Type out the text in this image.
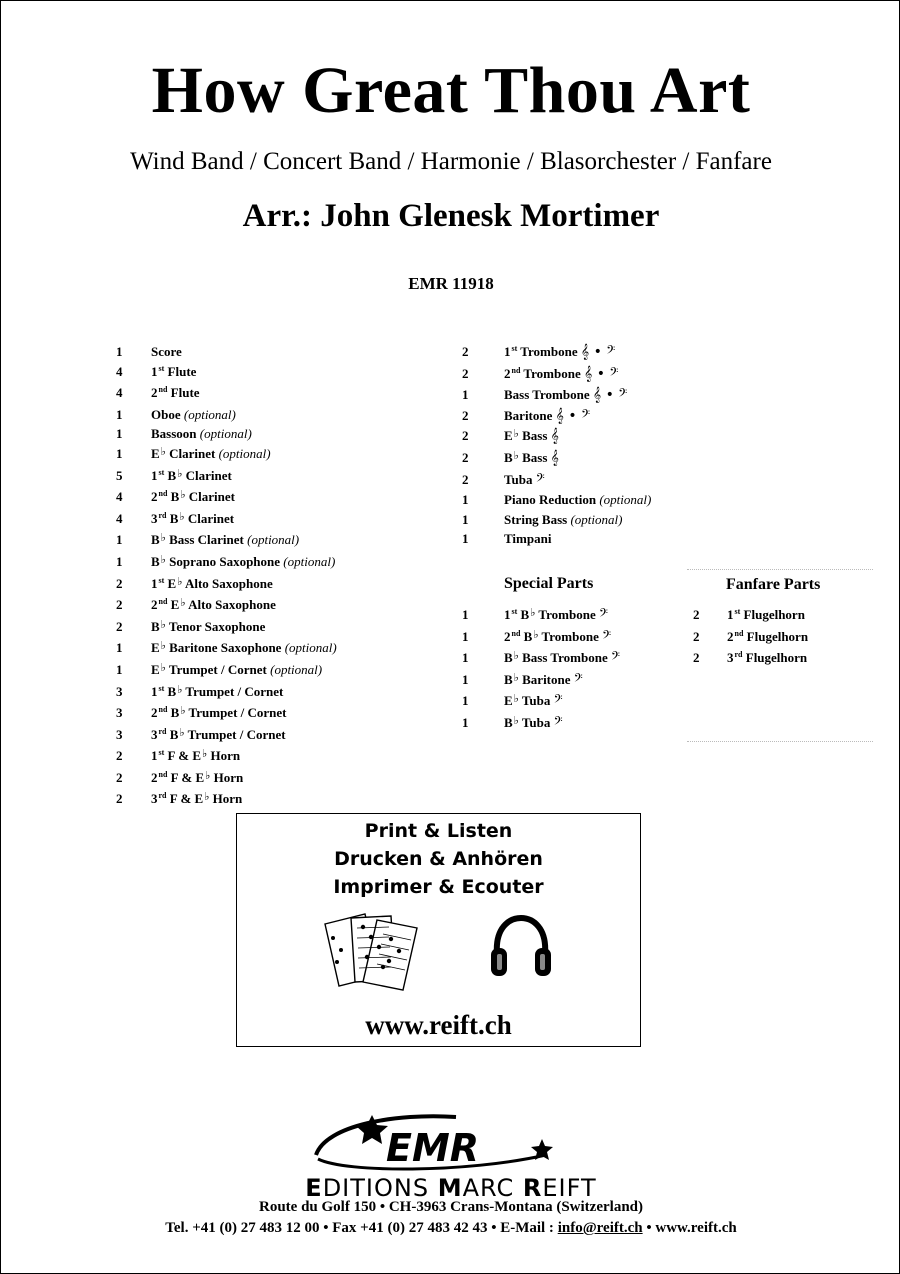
How Great Thou Art
Wind Band / Concert Band / Harmonie / Blasorchester / Fanfare
Arr.: John Glenesk Mortimer
EMR 11918
1	Score
4	1st Flute
4	2nd Flute
1	Oboe (optional)
1	Bassoon (optional)
1	E♭ Clarinet (optional)
5	1st B♭ Clarinet
4	2nd B♭ Clarinet
4	3rd B♭ Clarinet
1	B♭ Bass Clarinet (optional)
1	B♭ Soprano Saxophone (optional)
2	1st E♭ Alto Saxophone
2	2nd E♭ Alto Saxophone
2	B♭ Tenor Saxophone
1	E♭ Baritone Saxophone (optional)
1	E♭ Trumpet / Cornet (optional)
3	1st B♭ Trumpet / Cornet
3	2nd B♭ Trumpet / Cornet
3	3rd B♭ Trumpet / Cornet
2	1st F & E♭ Horn
2	2nd F & E♭ Horn
2	3rd F & E♭ Horn
2	1st Trombone 𝄞 • 𝄢
2	2nd Trombone 𝄞 • 𝄢
1	Bass Trombone 𝄞 • 𝄢
2	Baritone 𝄞 • 𝄢
2	E♭ Bass 𝄞
2	B♭ Bass 𝄞
2	Tuba 𝄢
1	Piano Reduction (optional)
1	String Bass (optional)
1	Timpani
Special Parts
1	1st B♭ Trombone 𝄢
1	2nd B♭ Trombone 𝄢
1	B♭ Bass Trombone 𝄢
1	B♭ Baritone 𝄢
1	E♭ Tuba 𝄢
1	B♭ Tuba 𝄢
Fanfare Parts
2	1st Flugelhorn
2	2nd Flugelhorn
2	3rd Flugelhorn
Print & Listen
Drucken & Anhören
Imprimer & Ecouter
www.reift.ch
EMR
EDITIONS MARC REIFT
Route du Golf 150 • CH-3963 Crans-Montana (Switzerland)
Tel. +41 (0) 27 483 12 00 • Fax +41 (0) 27 483 42 43 • E-Mail : info@reift.ch • www.reift.ch
